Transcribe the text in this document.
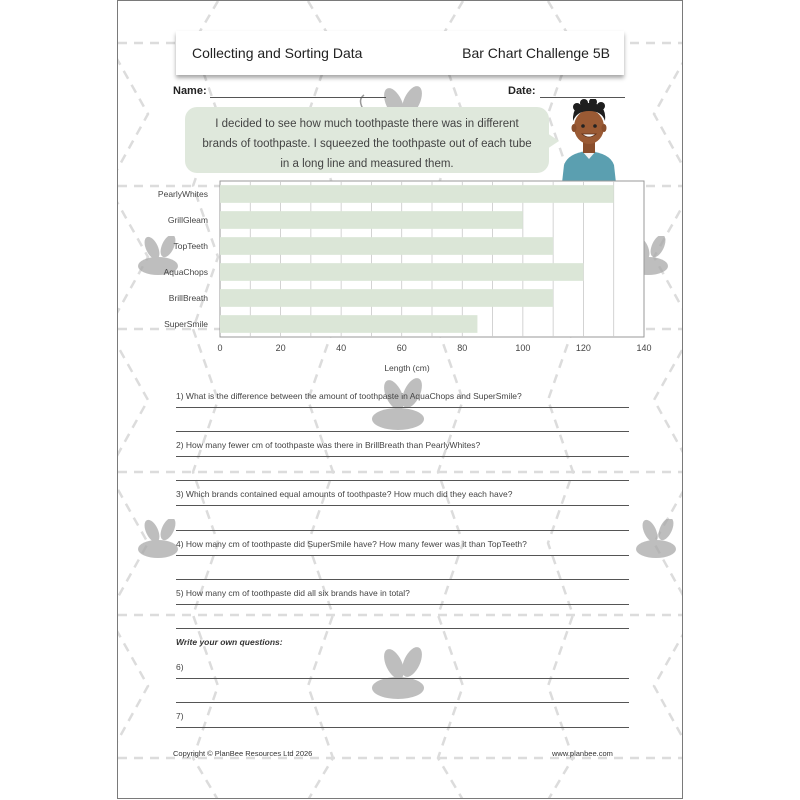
Collecting and Sorting Data	Bar Chart Challenge 5B
Name:	Date:
I decided to see how much toothpaste there was in different
brands of toothpaste. I squeezed the toothpaste out of each tube
in a long line and measured them.
PearlyWhites
GrillGleam
TopTeeth
AquaChops
BrillBreath
SuperSmile
0	20	40	60	80	100	120	140
Length (cm)
1) What is the difference between the amount of toothpaste in AquaChops and SuperSmile?
2) How many fewer cm of toothpaste was there in BrillBreath than PearlyWhites?
3) Which brands contained equal amounts of toothpaste? How much did they each have?
4) How many cm of toothpaste did SuperSmile have? How many fewer was it than TopTeeth?
5) How many cm of toothpaste did all six brands have in total?
Write your own questions:
6)
7)
Copyright © PlanBee Resources Ltd 2026	www.planbee.com
